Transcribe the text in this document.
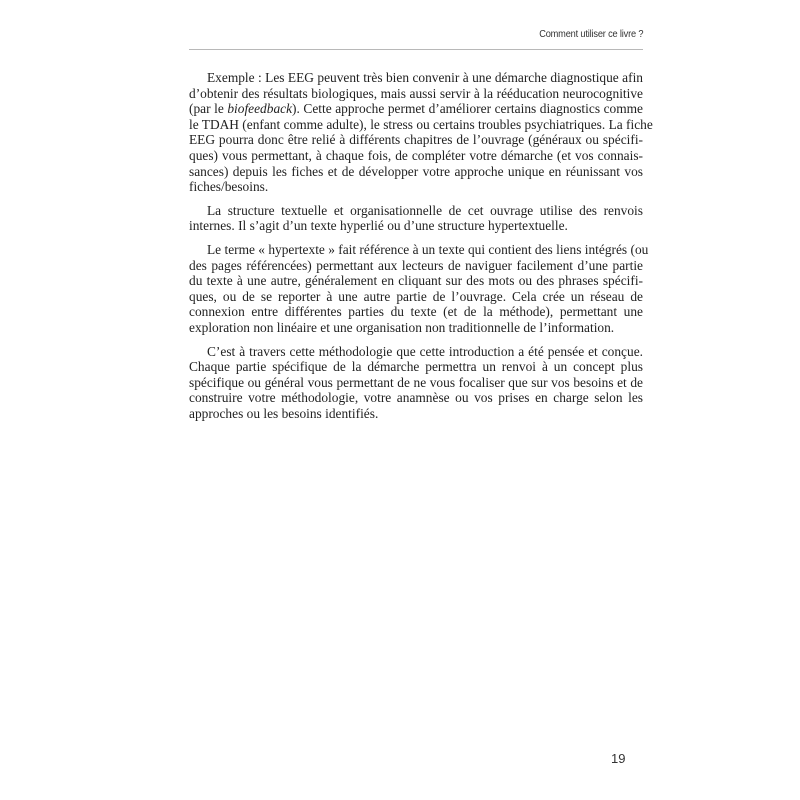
Comment utiliser ce livre ?
Exemple : Les EEG peuvent très bien convenir à une démarche diagnostique afin
d’obtenir des résultats biologiques, mais aussi servir à la rééducation neurocognitive
(par le biofeedback). Cette approche permet d’améliorer certains diagnostics comme
le TDAH (enfant comme adulte), le stress ou certains troubles psychiatriques. La fiche
EEG pourra donc être relié à différents chapitres de l’ouvrage (généraux ou spécifi-
ques) vous permettant, à chaque fois, de compléter votre démarche (et vos connais-
sances) depuis les fiches et de développer votre approche unique en réunissant vos
fiches/besoins.
La structure textuelle et organisationnelle de cet ouvrage utilise des renvois
internes. Il s’agit d’un texte hyperlié ou d’une structure hypertextuelle.
Le terme « hypertexte » fait référence à un texte qui contient des liens intégrés (ou
des pages référencées) permettant aux lecteurs de naviguer facilement d’une partie
du texte à une autre, généralement en cliquant sur des mots ou des phrases spécifi-
ques, ou de se reporter à une autre partie de l’ouvrage. Cela crée un réseau de
connexion entre différentes parties du texte (et de la méthode), permettant une
exploration non linéaire et une organisation non traditionnelle de l’information.
C’est à travers cette méthodologie que cette introduction a été pensée et conçue.
Chaque partie spécifique de la démarche permettra un renvoi à un concept plus
spécifique ou général vous permettant de ne vous focaliser que sur vos besoins et de
construire votre méthodologie, votre anamnèse ou vos prises en charge selon les
approches ou les besoins identifiés.
19
